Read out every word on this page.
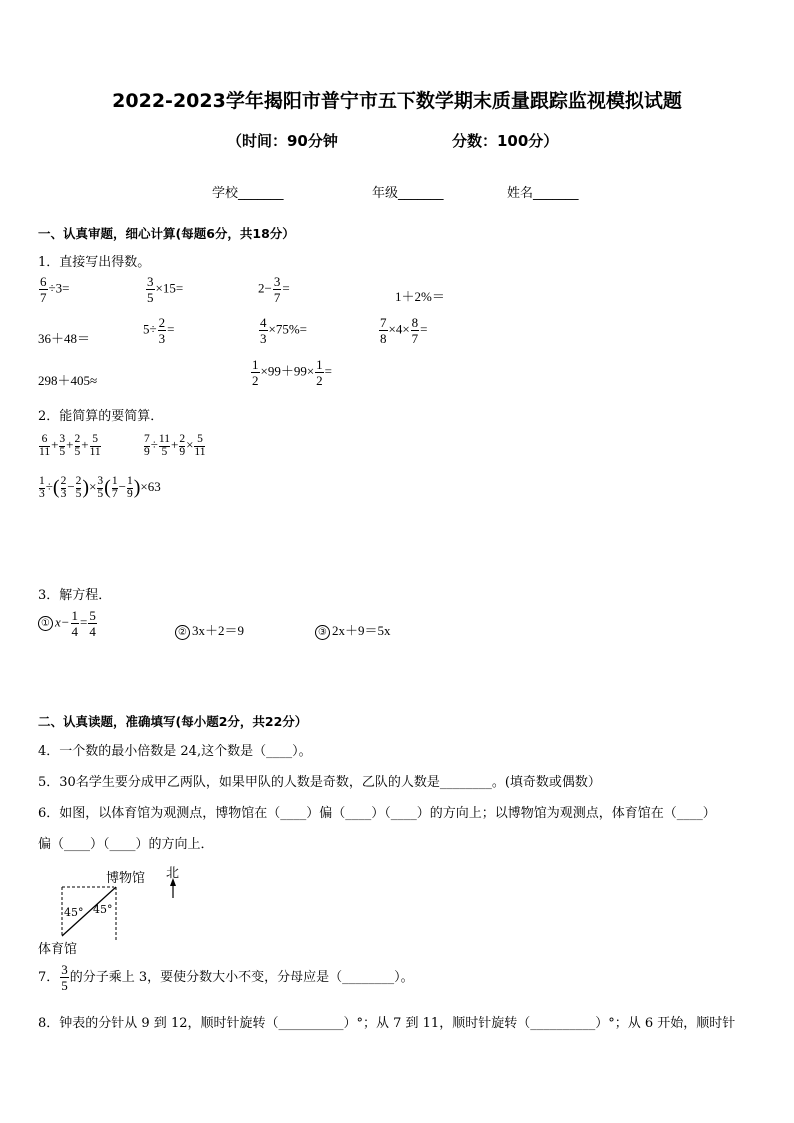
2022-2023学年揭阳市普宁市五下数学期末质量跟踪监视模拟试题
（时间：90分钟	分数：100分）
学校_______	年级_______	姓名_______
一、认真审题，细心计算(每题6分，共18分）
1．直接写出得数。
$\frac{6}{7} \div 3=$	$\frac{3}{5} \times 15=$	$2- \frac{3}{7}$ =
1＋2%＝
36＋48＝
$5\div \frac{2}{3}$ =	$\frac{4}{3} \times 75\%=$	$\frac{7}{8} \times 4\times \frac{8}{7}$ =
298＋405≈	$\frac{1}{2} \times 99+99\times \frac{1}{2}$ =
2．能简算的要简算．
$\frac{6}{11} + \frac{3}{5} + \frac{2}{5} + \frac{5}{11}$	$\frac{7}{9} \div \frac{11}{5} + \frac{2}{9} \times \frac{5}{11}$
$\frac{1}{3}$ ÷( $\frac{2}{3} - \frac{2}{5}$ )× $\frac{3}{5}$ ( $\frac{1}{7} - \frac{1}{9} )\times 63$
3．解方程．
① $x- \frac{1}{4} = \frac{5}{4}$	② 3x＋2＝9	③ 2x＋9＝5x
二、认真读题，准确填写(每小题2分，共22分）
4．一个数的最小倍数是 24,这个数是（____）。
5．30名学生要分成甲乙两队，如果甲队的人数是奇数，乙队的人数是________。(填奇数或偶数）
6．如图，以体育馆为观测点，博物馆在（____）偏（____）（____）的方向上；以博物馆为观测点，体育馆在（____）
偏（____）（____）的方向上．
博物馆 北
体育馆
45° 45°
7． $\frac{3}{5}$ 的分子乘上 3，要使分数大小不变，分母应是（________）。
8．钟表的分针从 9 到 12，顺时针旋转（__________）°；从 7 到 11，顺时针旋转（__________）°；从 6 开始，顺时针
